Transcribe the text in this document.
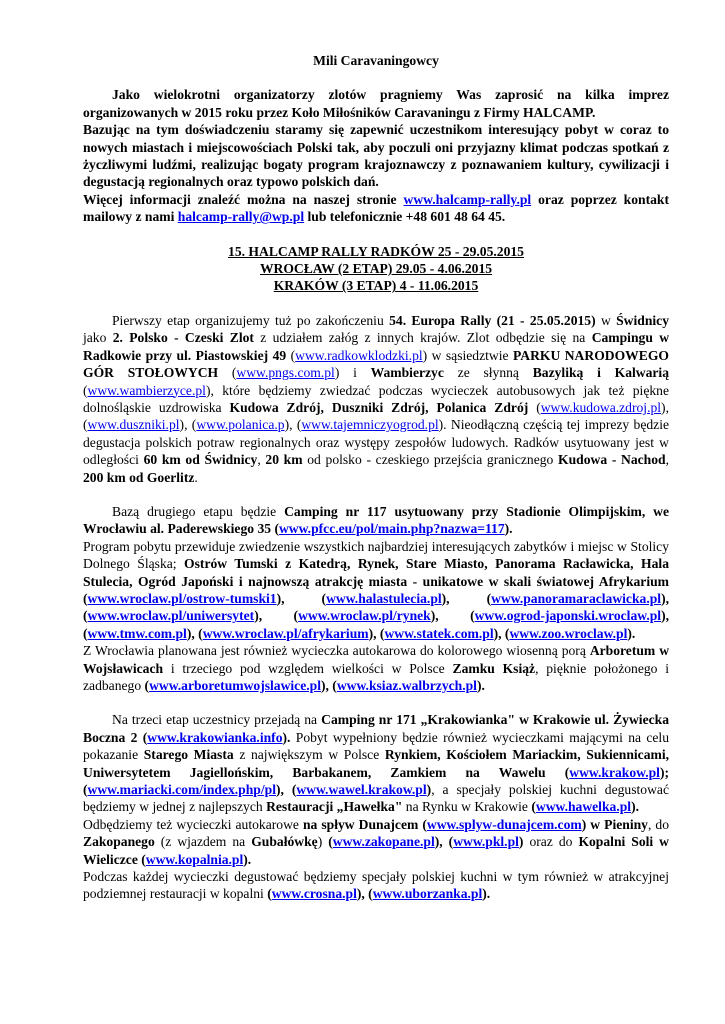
Mili Caravaningowcy

Jako wielokrotni organizatorzy zlotów pragniemy Was zaprosić na kilka imprez organizowanych w 2015 roku przez Koło Miłośników Caravaningu z Firmy HALCAMP.

Bazując na tym doświadczeniu staramy się zapewnić uczestnikom interesujący pobyt w coraz to nowych miastach i miejscowościach Polski tak, aby poczuli oni przyjazny klimat podczas spotkań z życzliwymi ludźmi, realizując bogaty program krajoznawczy z poznawaniem kultury, cywilizacji i degustacją regionalnych oraz typowo polskich dań.

Więcej informacji znaleźć można na naszej stronie www.halcamp-rally.pl oraz poprzez kontakt mailowy z nami halcamp-rally@wp.pl lub telefonicznie +48 601 48 64 45.

15. HALCAMP RALLY RADKÓW 25 - 29.05.2015

WROCŁAW (2 ETAP) 29.05 - 4.06.2015

KRAKÓW (3 ETAP) 4 - 11.06.2015

Pierwszy etap organizujemy tuż po zakończeniu 54. Europa Rally (21 - 25.05.2015) w Świdnicy jako 2. Polsko - Czeski Zlot z udziałem załóg z innych krajów. Zlot odbędzie się na Campingu w Radkowie przy ul. Piastowskiej 49 (www.radkowklodzki.pl) w sąsiedztwie PARKU NARODOWEGO GÓR STOŁOWYCH (www.pngs.com.pl) i Wambierzyc ze słynną Bazyliką i Kalwarią (www.wambierzyce.pl), które będziemy zwiedzać podczas wycieczek autobusowych jak też piękne dolnośląskie uzdrowiska Kudowa Zdrój, Duszniki Zdrój, Polanica Zdrój (www.kudowa.zdroj.pl), (www.duszniki.pl), (www.polanica.p), (www.tajemniczyogrod.pl). Nieodłączną częścią tej imprezy będzie degustacja polskich potraw regionalnych oraz występy zespołów ludowych. Radków usytuowany jest w odległości 60 km od Świdnicy, 20 km od polsko - czeskiego przejścia granicznego Kudowa - Nachod, 200 km od Goerlitz.

Bazą drugiego etapu będzie Camping nr 117 usytuowany przy Stadionie Olimpijskim, we Wrocławiu al. Paderewskiego 35 (www.pfcc.eu/pol/main.php?nazwa=117).

Program pobytu przewiduje zwiedzenie wszystkich najbardziej interesujących zabytków i miejsc w Stolicy Dolnego Śląska; Ostrów Tumski z Katedrą, Rynek, Stare Miasto, Panorama Racławicka, Hala Stulecia, Ogród Japoński i najnowszą atrakcję miasta - unikatowe w skali światowej Afrykarium (www.wroclaw.pl/ostrow-tumski1), (www.halastulecia.pl), (www.panoramaraclawicka.pl), (www.wroclaw.pl/uniwersytet), (www.wroclaw.pl/rynek), (www.ogrod-japonski.wroclaw.pl), (www.tmw.com.pl), (www.wroclaw.pl/afrykarium), (www.statek.com.pl), (www.zoo.wroclaw.pl).

Z Wrocławia planowana jest również wycieczka autokarowa do kolorowego wiosenną porą Arboretum w Wojsławicach i trzeciego pod względem wielkości w Polsce Zamku Książ, pięknie położonego i zadbanego (www.arboretumwojslawice.pl), (www.ksiaz.walbrzych.pl).

Na trzeci etap uczestnicy przejadą na Camping nr 171 „Krakowianka" w Krakowie ul. Żywiecka Boczna 2 (www.krakowianka.info). Pobyt wypełniony będzie również wycieczkami mającymi na celu pokazanie Starego Miasta z największym w Polsce Rynkiem, Kościołem Mariackim, Sukiennicami, Uniwersytetem Jagiellońskim, Barbakanem, Zamkiem na Wawelu (www.krakow.pl); (www.mariacki.com/index.php/pl), (www.wawel.krakow.pl), a specjały polskiej kuchni degustować będziemy w jednej z najlepszych Restauracji „Hawełka" na Rynku w Krakowie (www.hawelka.pl).

Odbędziemy też wycieczki autokarowe na spływ Dunajcem (www.splyw-dunajcem.com) w Pieniny, do Zakopanego (z wjazdem na Gubałówkę) (www.zakopane.pl), (www.pkl.pl) oraz do Kopalni Soli w Wieliczce (www.kopalnia.pl).

Podczas każdej wycieczki degustować będziemy specjały polskiej kuchni w tym również w atrakcyjnej podziemnej restauracji w kopalni (www.crosna.pl), (www.uborzanka.pl).
